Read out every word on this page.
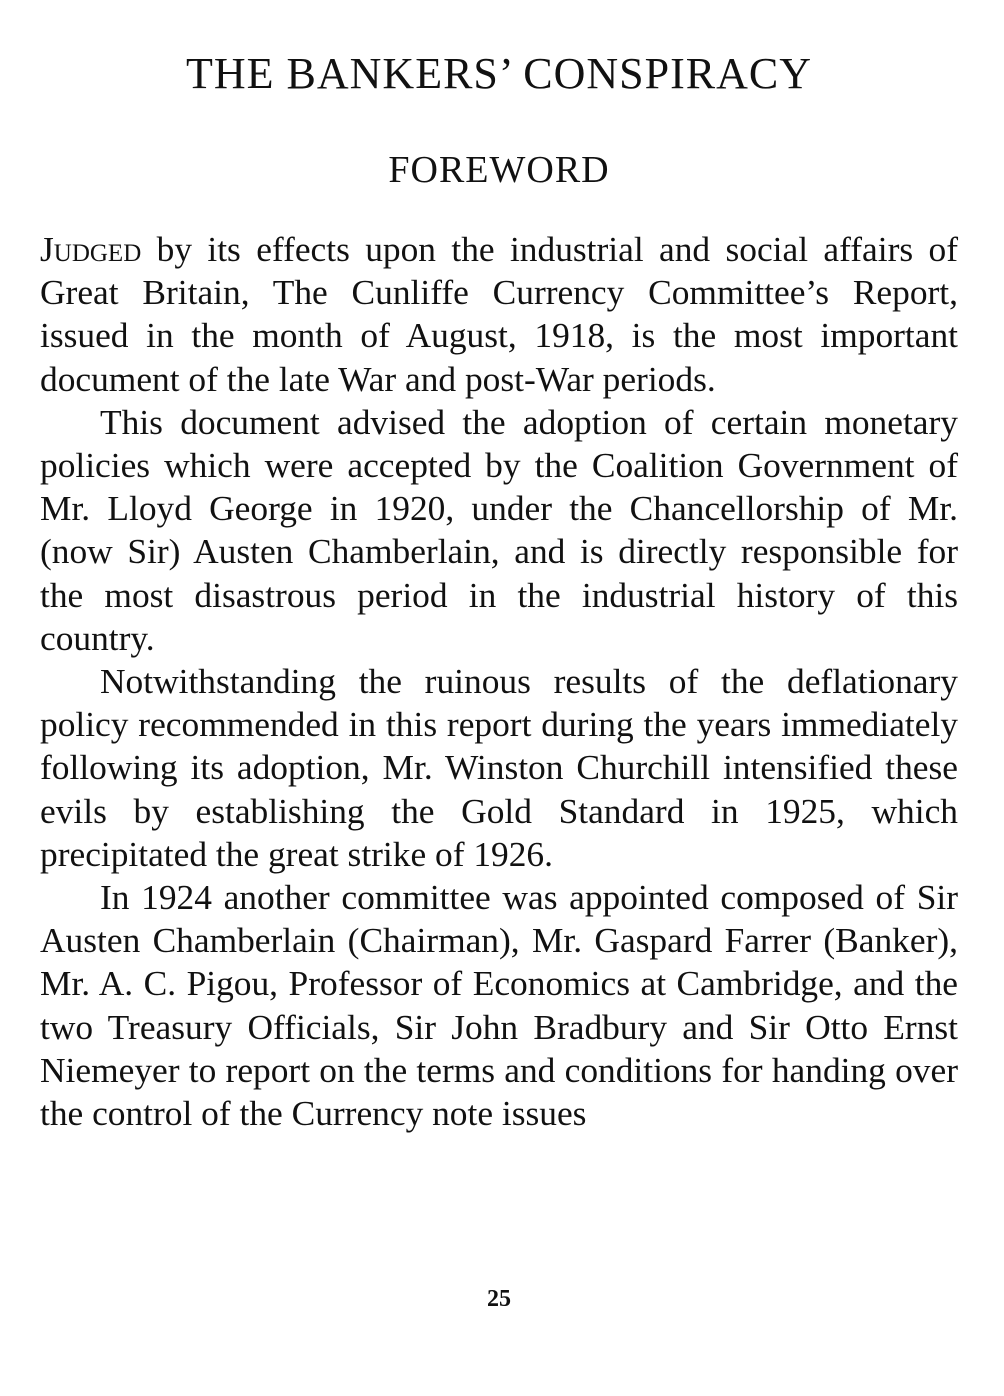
THE BANKERS’ CONSPIRACY
FOREWORD

Judged by its effects upon the industrial and social affairs of Great Britain, The Cunliffe Currency Committee’s Report, issued in the month of August, 1918, is the most important document of the late War and post-War periods.

This document advised the adoption of certain monetary policies which were accepted by the Coalition Government of Mr. Lloyd George in 1920, under the Chancellorship of Mr. (now Sir) Austen Chamberlain, and is directly responsible for the most disastrous period in the industrial history of this country.

Notwithstanding the ruinous results of the deflationary policy recommended in this report during the years immediately following its adoption, Mr. Winston Churchill intensified these evils by establishing the Gold Standard in 1925, which precipitated the great strike of 1926.

In 1924 another committee was appointed composed of Sir Austen Chamberlain (Chairman), Mr. Gaspard Farrer (Banker), Mr. A. C. Pigou, Professor of Economics at Cambridge, and the two Treasury Officials, Sir John Bradbury and Sir Otto Ernst Niemeyer to report on the terms and conditions for handing over the control of the Currency note issues

25
